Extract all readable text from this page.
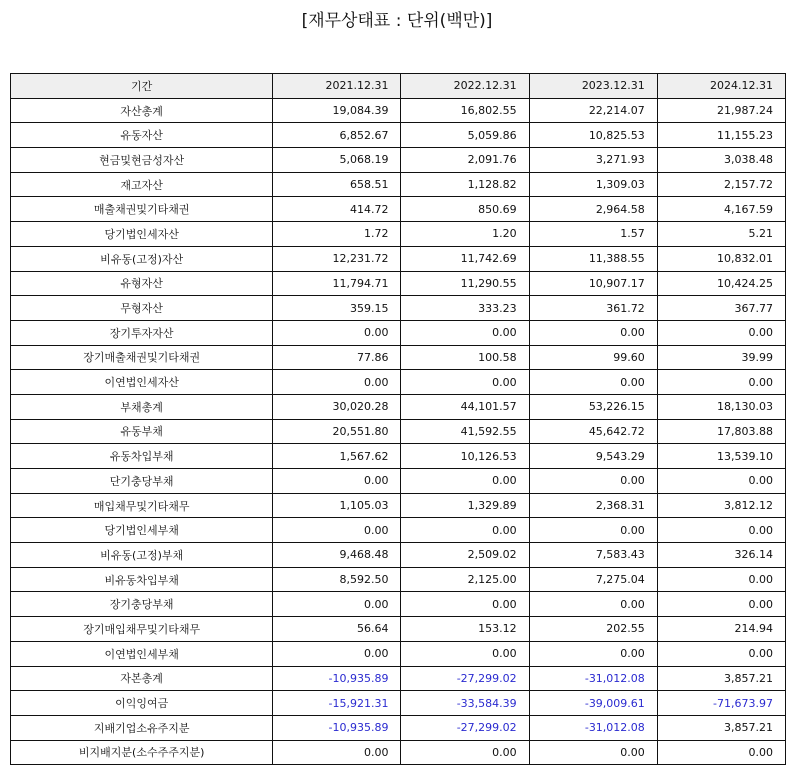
[재무상태표 : 단위(백만)]
기간	2021.12.31	2022.12.31	2023.12.31	2024.12.31
자산총계	19,084.39	16,802.55	22,214.07	21,987.24
유동자산	6,852.67	5,059.86	10,825.53	11,155.23
현금및현금성자산	5,068.19	2,091.76	3,271.93	3,038.48
재고자산	658.51	1,128.82	1,309.03	2,157.72
매출채권및기타채권	414.72	850.69	2,964.58	4,167.59
당기법인세자산	1.72	1.20	1.57	5.21
비유동(고정)자산	12,231.72	11,742.69	11,388.55	10,832.01
유형자산	11,794.71	11,290.55	10,907.17	10,424.25
무형자산	359.15	333.23	361.72	367.77
장기투자자산	0.00	0.00	0.00	0.00
장기매출채권및기타채권	77.86	100.58	99.60	39.99
이연법인세자산	0.00	0.00	0.00	0.00
부채총계	30,020.28	44,101.57	53,226.15	18,130.03
유동부채	20,551.80	41,592.55	45,642.72	17,803.88
유동차입부채	1,567.62	10,126.53	9,543.29	13,539.10
단기충당부채	0.00	0.00	0.00	0.00
매입채무및기타채무	1,105.03	1,329.89	2,368.31	3,812.12
당기법인세부채	0.00	0.00	0.00	0.00
비유동(고정)부채	9,468.48	2,509.02	7,583.43	326.14
비유동차입부채	8,592.50	2,125.00	7,275.04	0.00
장기충당부채	0.00	0.00	0.00	0.00
장기매입채무및기타채무	56.64	153.12	202.55	214.94
이연법인세부채	0.00	0.00	0.00	0.00
자본총계	-10,935.89	-27,299.02	-31,012.08	3,857.21
이익잉여금	-15,921.31	-33,584.39	-39,009.61	-71,673.97
지배기업소유주지분	-10,935.89	-27,299.02	-31,012.08	3,857.21
비지배지분(소수주주지분)	0.00	0.00	0.00	0.00
